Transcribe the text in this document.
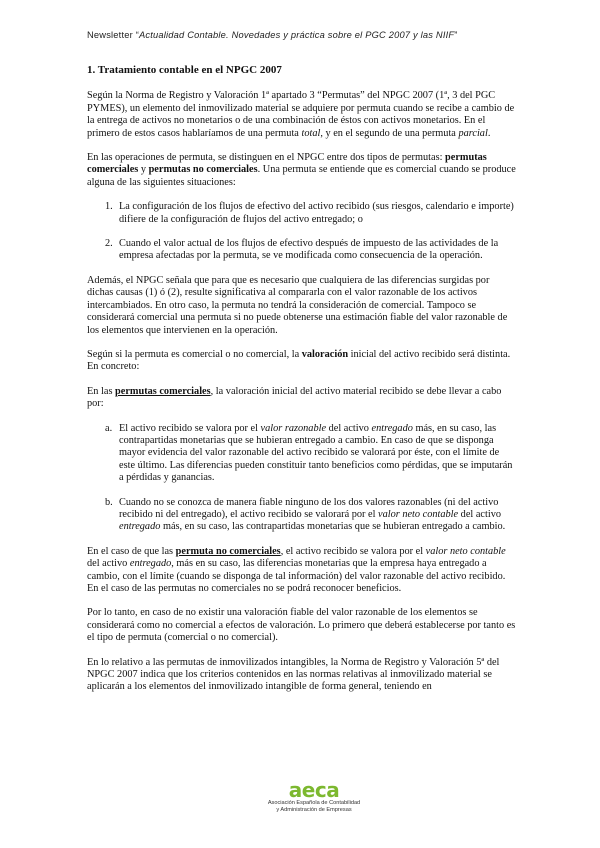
Newsletter “Actualidad Contable. Novedades y práctica sobre el PGC 2007 y las NIIF”
1. Tratamiento contable en el NPGC 2007

Según la Norma de Registro y Valoración 1ª apartado 3 “Permutas” del NPGC 2007 (1ª, 3 del PGC PYMES), un elemento del inmovilizado material se adquiere por permuta cuando se recibe a cambio de la entrega de activos no monetarios o de una combinación de éstos con activos monetarios. En el primero de estos casos hablaríamos de una permuta total, y en el segundo de una permuta parcial.

En las operaciones de permuta, se distinguen en el NPGC entre dos tipos de permutas: permutas comerciales y permutas no comerciales. Una permuta se entiende que es comercial cuando se produce alguna de las siguientes situaciones:

1. La configuración de los flujos de efectivo del activo recibido (sus riesgos, calendario e importe) difiere de la configuración de flujos del activo entregado; o
2. Cuando el valor actual de los flujos de efectivo después de impuesto de las actividades de la empresa afectadas por la permuta, se ve modificada como consecuencia de la operación.

Además, el NPGC señala que para que es necesario que cualquiera de las diferencias surgidas por dichas causas (1) ó (2), resulte significativa al compararla con el valor razonable de los activos intercambiados. En otro caso, la permuta no tendrá la consideración de comercial. Tampoco se considerará comercial una permuta si no puede obtenerse una estimación fiable del valor razonable de los elementos que intervienen en la operación.

Según si la permuta es comercial o no comercial, la valoración inicial del activo recibido será distinta. En concreto:

En las permutas comerciales, la valoración inicial del activo material recibido se debe llevar a cabo por:

a. El activo recibido se valora por el valor razonable del activo entregado más, en su caso, las contrapartidas monetarias que se hubieran entregado a cambio. En caso de que se disponga mayor evidencia del valor razonable del activo recibido se valorará por éste, con el límite de este último. Las diferencias pueden constituir tanto beneficios como pérdidas, que se imputarán a pérdidas y ganancias.
b. Cuando no se conozca de manera fiable ninguno de los dos valores razonables (ni del activo recibido ni del entregado), el activo recibido se valorará por el valor neto contable del activo entregado más, en su caso, las contrapartidas monetarias que se hubieran entregado a cambio.

En el caso de que las permuta no comerciales, el activo recibido se valora por el valor neto contable del activo entregado, más en su caso, las diferencias monetarias que la empresa haya entregado a cambio, con el límite (cuando se disponga de tal información) del valor razonable del activo recibido. En el caso de las permutas no comerciales no se podrá reconocer beneficios.

Por lo tanto, en caso de no existir una valoración fiable del valor razonable de los elementos se considerará como no comercial a efectos de valoración. Lo primero que deberá establecerse por tanto es el tipo de permuta (comercial o no comercial).

En lo relativo a las permutas de inmovilizados intangibles, la Norma de Registro y Valoración 5ª del NPGC 2007 indica que los criterios contenidos en las normas relativas al inmovilizado material se aplicarán a los elementos del inmovilizado intangible de forma general, teniendo en

aeca
Asociación Española de Contabilidad
y Administración de Empresas
